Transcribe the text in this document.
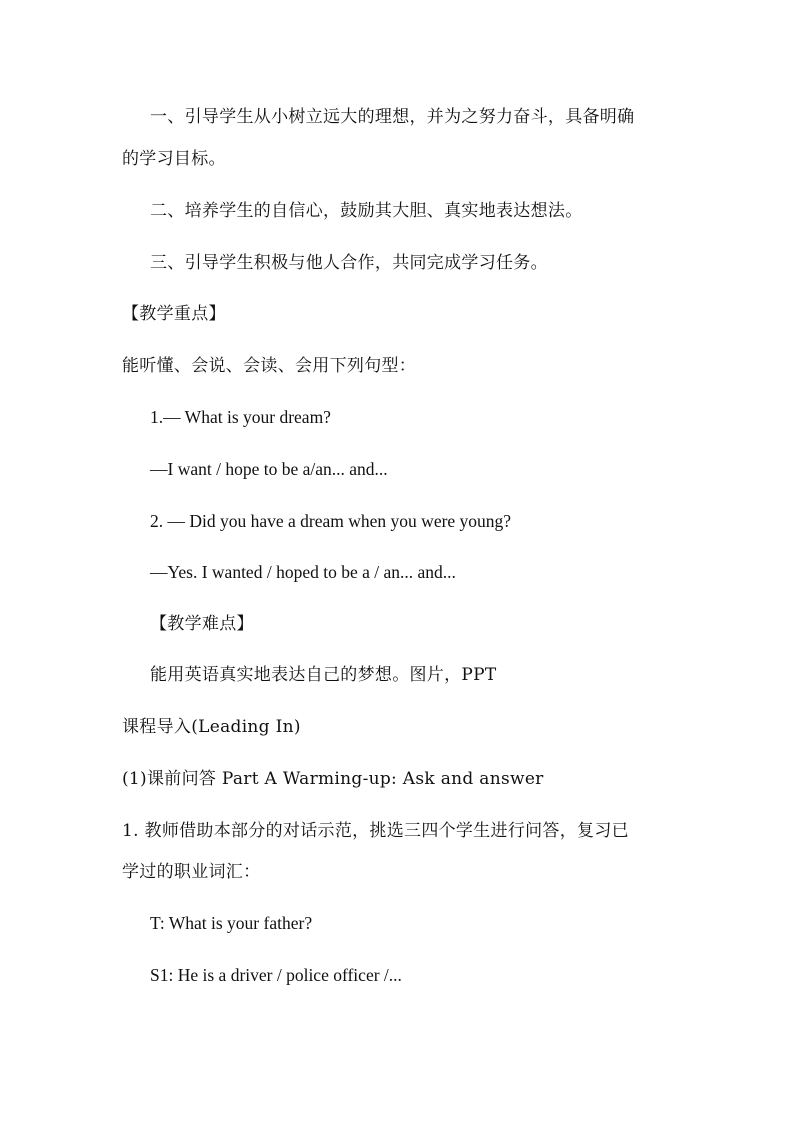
一、引导学生从小树立远大的理想，并为之努力奋斗，具备明确
的学习目标。
二、培养学生的自信心，鼓励其大胆、真实地表达想法。
三、引导学生积极与他人合作，共同完成学习任务。
【教学重点】
能听懂、会说、会读、会用下列句型：
1.— What is your dream?
—I want / hope to be a/an... and...
2. — Did you have a dream when you were young?
—Yes. I wanted / hoped to be a / an... and...
【教学难点】
能用英语真实地表达自己的梦想。图片，PPT
课程导入(Leading In)
(1)课前问答 Part A Warming-up: Ask and answer
1. 教师借助本部分的对话示范，挑选三四个学生进行问答，复习已
学过的职业词汇：
T: What is your father?
S1: He is a driver / police officer /...
